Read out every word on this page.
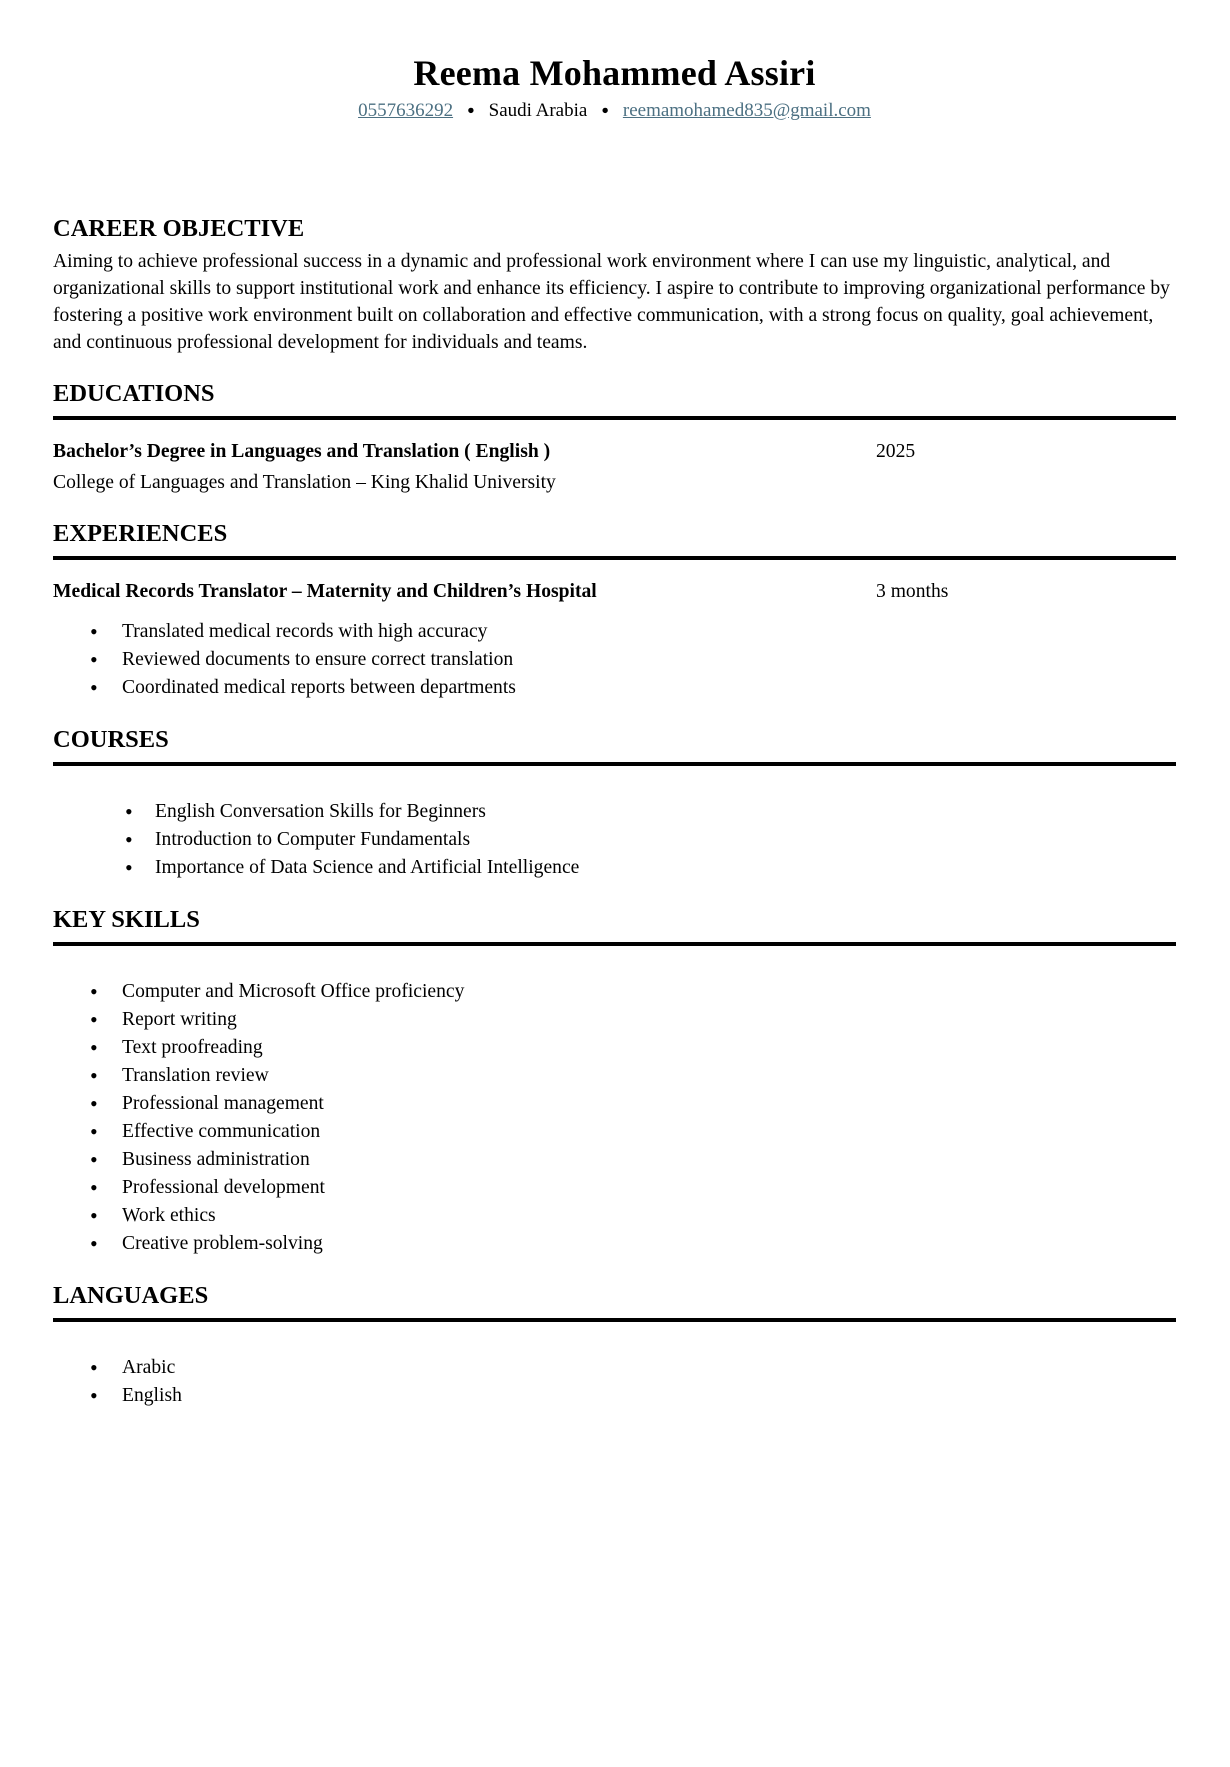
Reema Mohammed Assiri
0557636292 ● Saudi Arabia ● reemamohamed835@gmail.com
CAREER OBJECTIVE

Aiming to achieve professional success in a dynamic and professional work environment where I can use my linguistic, analytical, and organizational skills to support institutional work and enhance its efficiency. I aspire to contribute to improving organizational performance by fostering a positive work environment built on collaboration and effective communication, with a strong focus on quality, goal achievement, and continuous professional development for individuals and teams.

EDUCATIONS
Bachelor’s Degree in Languages and Translation ( English )	2025
College of Languages and Translation – King Khalid University
EXPERIENCES
Medical Records Translator – Maternity and Children’s Hospital	3 months
• Translated medical records with high accuracy
• Reviewed documents to ensure correct translation
• Coordinated medical reports between departments
COURSES
• English Conversation Skills for Beginners
• Introduction to Computer Fundamentals
• Importance of Data Science and Artificial Intelligence
KEY SKILLS
• Computer and Microsoft Office proficiency
• Report writing
• Text proofreading
• Translation review
• Professional management
• Effective communication
• Business administration
• Professional development
• Work ethics
• Creative problem-solving
LANGUAGES
• Arabic
• English
